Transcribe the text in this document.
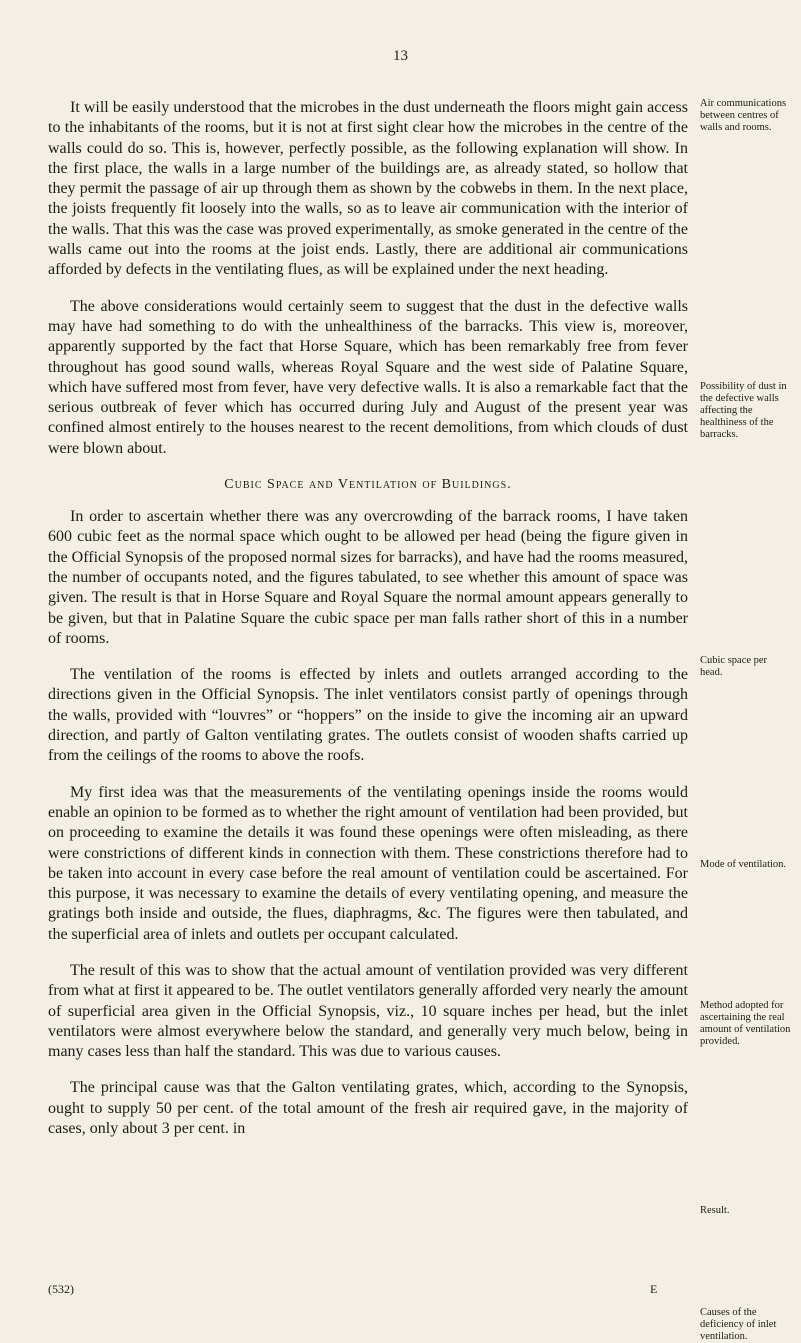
13

It will be easily understood that the microbes in the dust underneath the floors might gain access to the inhabitants of the rooms, but it is not at first sight clear how the microbes in the centre of the walls could do so. This is, however, perfectly possible, as the following explanation will show. In the first place, the walls in a large number of the buildings are, as already stated, so hollow that they permit the passage of air up through them as shown by the cobwebs in them. In the next place, the joists frequently fit loosely into the walls, so as to leave air communication with the interior of the walls. That this was the case was proved experimentally, as smoke generated in the centre of the walls came out into the rooms at the joist ends. Lastly, there are additional air communications afforded by defects in the ventilating flues, as will be explained under the next heading.

The above considerations would certainly seem to suggest that the dust in the defective walls may have had something to do with the unhealthiness of the barracks. This view is, moreover, apparently supported by the fact that Horse Square, which has been remarkably free from fever throughout has good sound walls, whereas Royal Square and the west side of Palatine Square, which have suffered most from fever, have very defective walls. It is also a remarkable fact that the serious outbreak of fever which has occurred during July and August of the present year was confined almost entirely to the houses nearest to the recent demolitions, from which clouds of dust were blown about.

Cubic Space and Ventilation of Buildings.

In order to ascertain whether there was any overcrowding of the barrack rooms, I have taken 600 cubic feet as the normal space which ought to be allowed per head (being the figure given in the Official Synopsis of the proposed normal sizes for barracks), and have had the rooms measured, the number of occupants noted, and the figures tabulated, to see whether this amount of space was given. The result is that in Horse Square and Royal Square the normal amount appears generally to be given, but that in Palatine Square the cubic space per man falls rather short of this in a number of rooms.

The ventilation of the rooms is effected by inlets and outlets arranged according to the directions given in the Official Synopsis. The inlet ventilators consist partly of openings through the walls, provided with “louvres” or “hoppers” on the inside to give the incoming air an upward direction, and partly of Galton ventilating grates. The outlets consist of wooden shafts carried up from the ceilings of the rooms to above the roofs.

My first idea was that the measurements of the ventilating openings inside the rooms would enable an opinion to be formed as to whether the right amount of ventilation had been provided, but on proceeding to examine the details it was found these openings were often misleading, as there were constrictions of different kinds in connection with them. These constrictions therefore had to be taken into account in every case before the real amount of ventilation could be ascertained. For this purpose, it was necessary to examine the details of every ventilating opening, and measure the gratings both inside and outside, the flues, diaphragms, &c. The figures were then tabulated, and the superficial area of inlets and outlets per occupant calculated.

The result of this was to show that the actual amount of ventilation provided was very different from what at first it appeared to be. The outlet ventilators generally afforded very nearly the amount of superficial area given in the Official Synopsis, viz., 10 square inches per head, but the inlet ventilators were almost everywhere below the standard, and generally very much below, being in many cases less than half the standard. This was due to various causes.

The principal cause was that the Galton ventilating grates, which, according to the Synopsis, ought to supply 50 per cent. of the total amount of the fresh air required gave, in the majority of cases, only about 3 per cent. in

Air communications between centres of walls and rooms.
Possibility of dust in the defective walls affecting the healthiness of the barracks.
Cubic space per head.
Mode of ventilation.
Method adopted for ascertaining the real amount of ventilation provided.
Result.
Causes of the deficiency of inlet ventilation.
(532)	E
